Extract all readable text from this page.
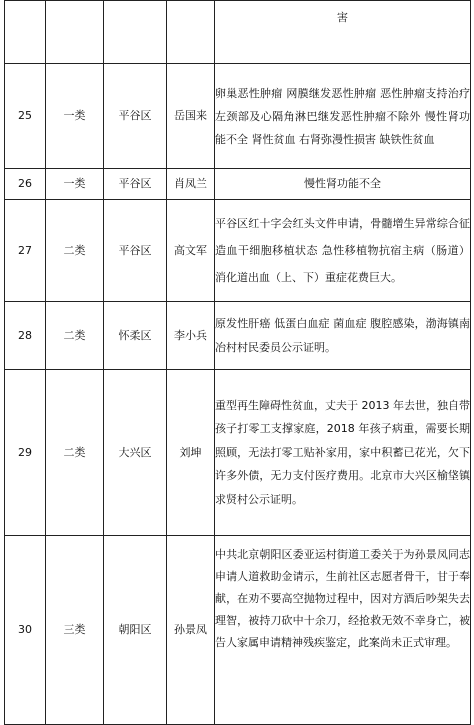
				害
25	一类	平谷区	岳国来	卵巢恶性肿瘤 网膜继发恶性肿瘤 恶性肿瘤支持治疗 左颈部及心隔角淋巴继发恶性肿瘤不除外 慢性肾功能不全 肾性贫血 右肾弥漫性损害 缺铁性贫血
26	一类	平谷区	肖凤兰	慢性肾功能不全
27	二类	平谷区	高文军	平谷区红十字会红头文件申请，骨髓增生异常综合征造血干细胞移植状态 急性移植物抗宿主病（肠道）消化道出血（上、下）重症花费巨大。
28	二类	怀柔区	李小兵	原发性肝癌 低蛋白血症 菌血症 腹腔感染，渤海镇南冶村村民委员公示证明。
29	二类	大兴区	刘坤	重型再生障碍性贫血，丈夫于 2013 年去世，独自带孩子打零工支撑家庭，2018 年孩子病重，需要长期照顾，无法打零工贴补家用，家中积蓄已花光，欠下许多外债，无力支付医疗费用。北京市大兴区榆垡镇求贤村公示证明。
30	三类	朝阳区	孙景凤	中共北京朝阳区委亚运村街道工委关于为孙景凤同志申请人道救助金请示，生前社区志愿者骨干，甘于奉献，在劝不要高空抛物过程中，因对方酒后吵架失去理智，被持刀砍中十余刀，经抢救无效不幸身亡，被告人家属申请精神残疾鉴定，此案尚未正式审理。
